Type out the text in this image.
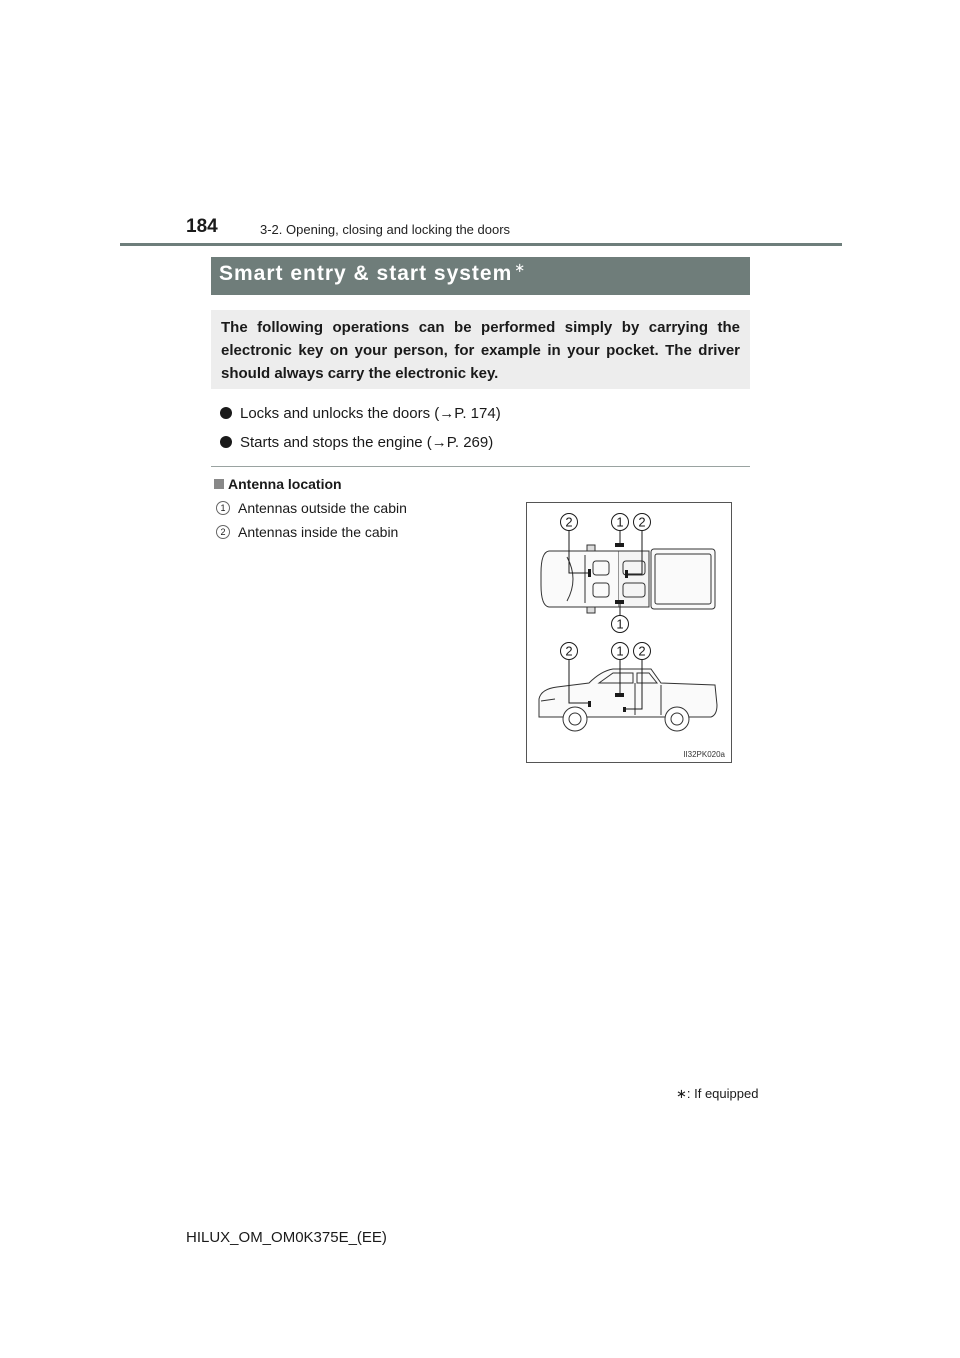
184	3-2. Opening, closing and locking the doors
Smart entry & start system ∗
The following operations can be performed simply by carrying the electronic key on your person, for example in your pocket. The driver should always carry the electronic key.
Locks and unlocks the doors (→P. 174)
Starts and stops the engine (→P. 269)
Antenna location
1 Antennas outside the cabin
2 Antennas inside the cabin
2	1 2
1
2	1 2
II32PK020a
∗: If equipped
HILUX_OM_OM0K375E_(EE)
